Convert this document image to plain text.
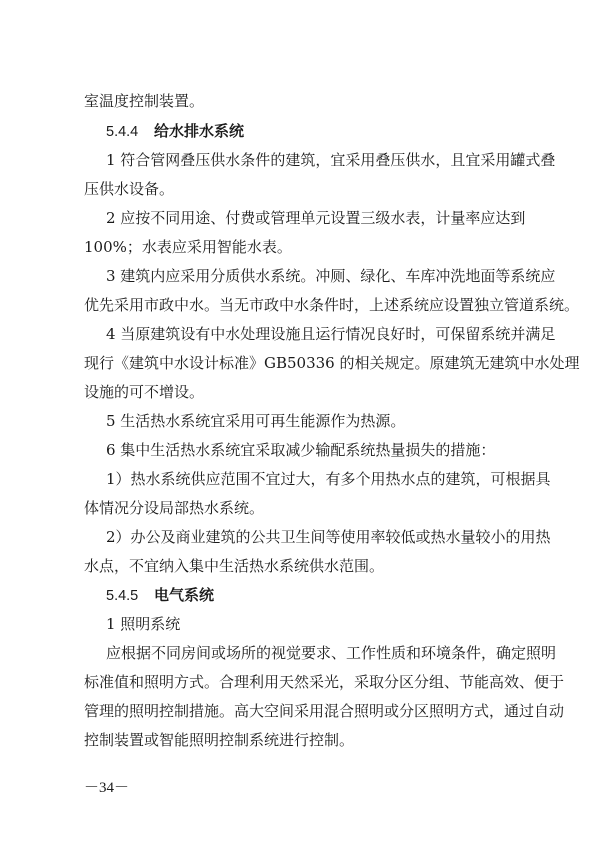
室温度控制装置。
5.4.4 给水排水系统
1 符合管网叠压供水条件的建筑，宜采用叠压供水，且宜采用罐式叠
压供水设备。
2 应按不同用途、付费或管理单元设置三级水表，计量率应达到
100%；水表应采用智能水表。
3 建筑内应采用分质供水系统。冲厕、绿化、车库冲洗地面等系统应
优先采用市政中水。当无市政中水条件时，上述系统应设置独立管道系统。
4 当原建筑设有中水处理设施且运行情况良好时，可保留系统并满足
现行《建筑中水设计标准》GB50336 的相关规定。原建筑无建筑中水处理
设施的可不增设。
5 生活热水系统宜采用可再生能源作为热源。
6 集中生活热水系统宜采取减少输配系统热量损失的措施：
1）热水系统供应范围不宜过大，有多个用热水点的建筑，可根据具
体情况分设局部热水系统。
2）办公及商业建筑的公共卫生间等使用率较低或热水量较小的用热
水点，不宜纳入集中生活热水系统供水范围。
5.4.5 电气系统
1 照明系统
应根据不同房间或场所的视觉要求、工作性质和环境条件，确定照明
标准值和照明方式。合理利用天然采光，采取分区分组、节能高效、便于
管理的照明控制措施。高大空间采用混合照明或分区照明方式，通过自动
控制装置或智能照明控制系统进行控制。
－34－
